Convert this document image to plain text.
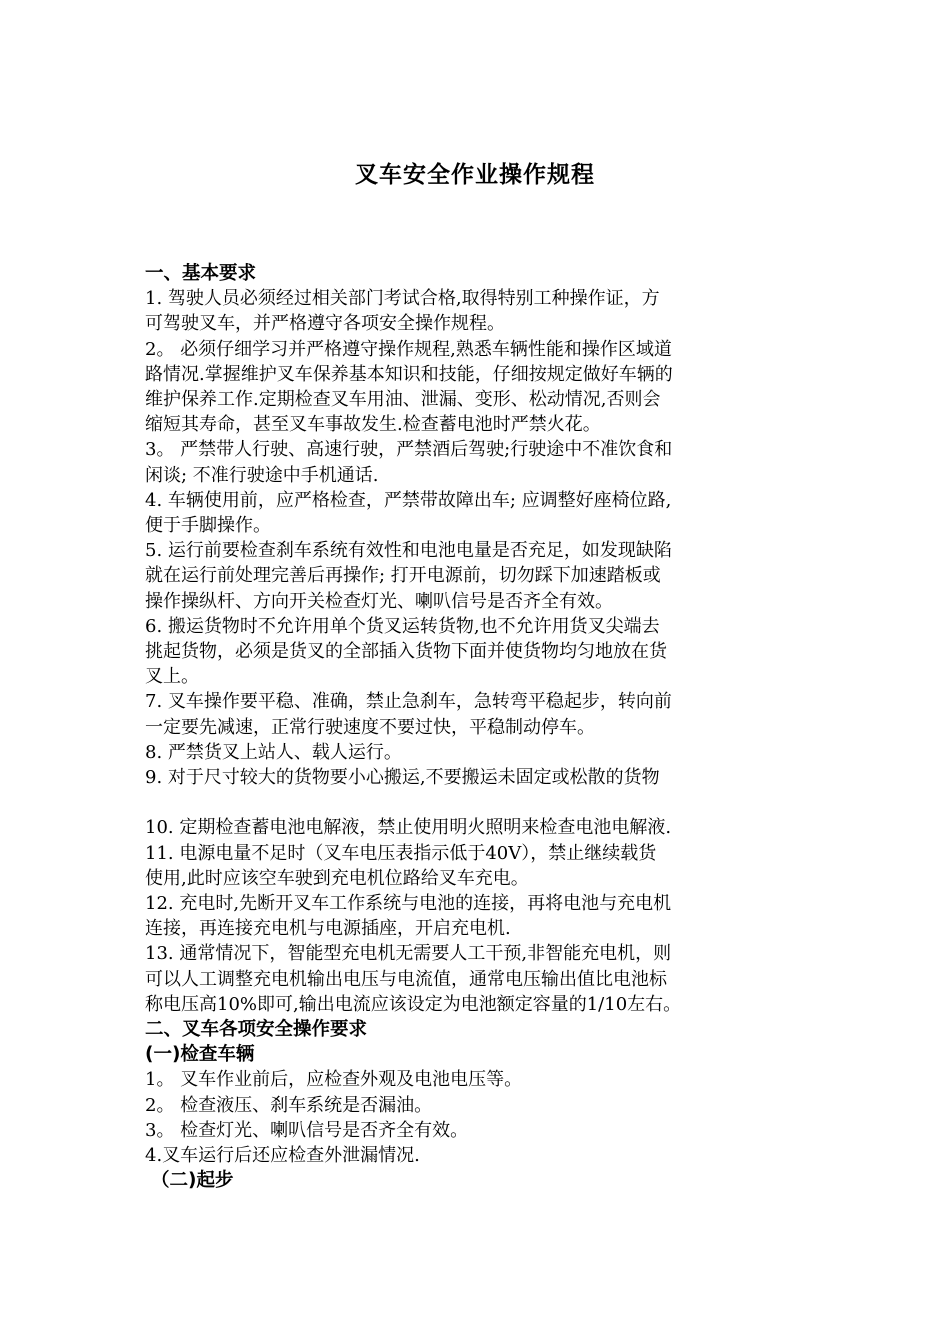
叉车安全作业操作规程

一、基本要求

1. 驾驶人员必须经过相关部门考试合格,取得特别工种操作证，方

可驾驶叉车，并严格遵守各项安全操作规程。

2。 必须仔细学习并严格遵守操作规程,熟悉车辆性能和操作区域道

路情况.掌握维护叉车保养基本知识和技能，仔细按规定做好车辆的

维护保养工作.定期检查叉车用油、泄漏、变形、松动情况,否则会

缩短其寿命，甚至叉车事故发生.检查蓄电池时严禁火花。

3。 严禁带人行驶、高速行驶，严禁酒后驾驶;行驶途中不准饮食和

闲谈; 不准行驶途中手机通话.

4. 车辆使用前，应严格检查，严禁带故障出车; 应调整好座椅位路,

便于手脚操作。

5. 运行前要检查刹车系统有效性和电池电量是否充足，如发现缺陷

就在运行前处理完善后再操作; 打开电源前，切勿踩下加速踏板或

操作操纵杆、方向开关检查灯光、喇叭信号是否齐全有效。

6. 搬运货物时不允许用单个货叉运转货物,也不允许用货叉尖端去

挑起货物，必须是货叉的全部插入货物下面并使货物均匀地放在货

叉上。

7. 叉车操作要平稳、准确，禁止急刹车，急转弯平稳起步，转向前

一定要先减速，正常行驶速度不要过快，平稳制动停车。

8. 严禁货叉上站人、载人运行。

9. 对于尺寸较大的货物要小心搬运,不要搬运未固定或松散的货物

10. 定期检查蓄电池电解液，禁止使用明火照明来检查电池电解液.

11. 电源电量不足时（叉车电压表指示低于40V），禁止继续载货

使用,此时应该空车驶到充电机位路给叉车充电。

12. 充电时,先断开叉车工作系统与电池的连接，再将电池与充电机

连接，再连接充电机与电源插座，开启充电机.

13. 通常情况下，智能型充电机无需要人工干预,非智能充电机，则

可以人工调整充电机输出电压与电流值，通常电压输出值比电池标

称电压高10%即可,输出电流应该设定为电池额定容量的1/10左右。

二、叉车各项安全操作要求

(一)检查车辆

1。 叉车作业前后，应检查外观及电池电压等。

2。 检查液压、刹车系统是否漏油。

3。 检查灯光、喇叭信号是否齐全有效。

4.叉车运行后还应检查外泄漏情况.

（二)起步
